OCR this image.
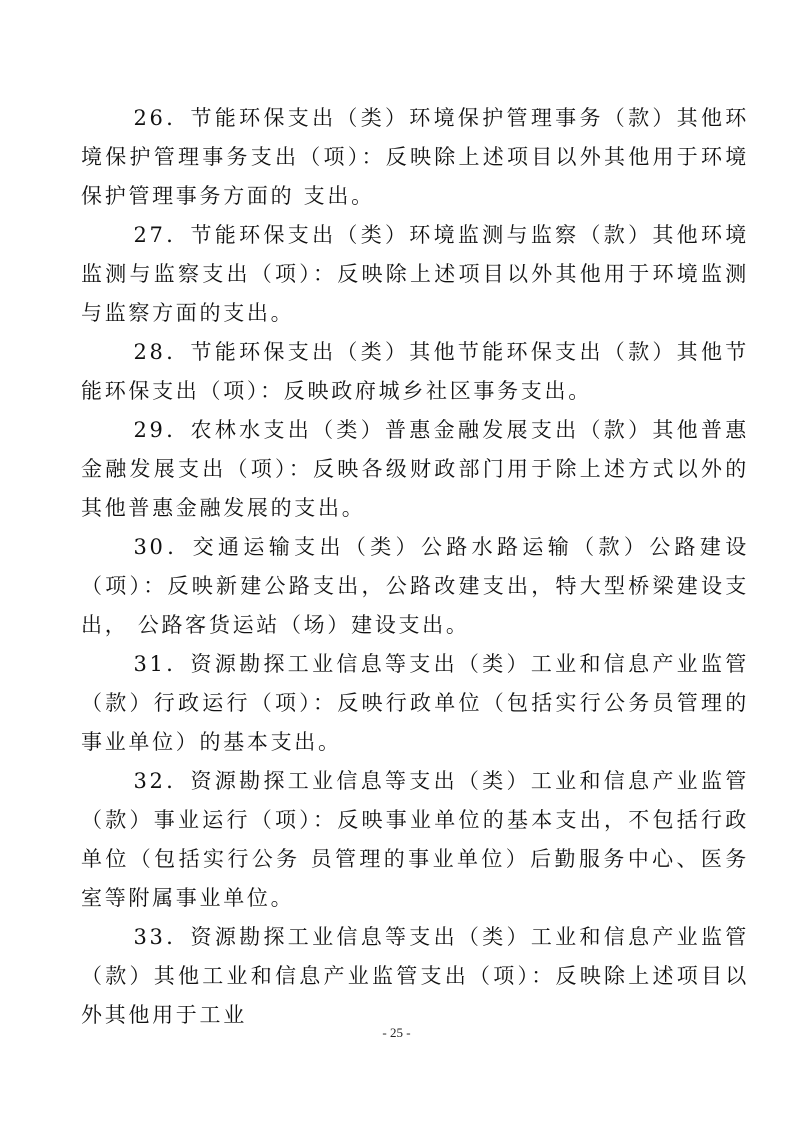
26．节能环保支出（类）环境保护管理事务（款）其他环境保护管理事务支出（项）：反映除上述项目以外其他用于环境保护管理事务方面的 支出。

27．节能环保支出（类）环境监测与监察（款）其他环境监测与监察支出（项）：反映除上述项目以外其他用于环境监测与监察方面的支出。

28．节能环保支出（类）其他节能环保支出（款）其他节能环保支出（项）：反映政府城乡社区事务支出。

29．农林水支出（类）普惠金融发展支出（款）其他普惠金融发展支出（项）：反映各级财政部门用于除上述方式以外的其他普惠金融发展的支出。

30．交通运输支出（类）公路水路运输（款）公路建设（项）：反映新建公路支出，公路改建支出，特大型桥梁建设支出， 公路客货运站（场）建设支出。

31．资源勘探工业信息等支出（类）工业和信息产业监管（款）行政运行（项）：反映行政单位（包括实行公务员管理的事业单位）的基本支出。

32．资源勘探工业信息等支出（类）工业和信息产业监管（款）事业运行（项）：反映事业单位的基本支出，不包括行政单位（包括实行公务 员管理的事业单位）后勤服务中心、医务室等附属事业单位。

33．资源勘探工业信息等支出（类）工业和信息产业监管（款）其他工业和信息产业监管支出（项）：反映除上述项目以外其他用于工业

- 25 -
